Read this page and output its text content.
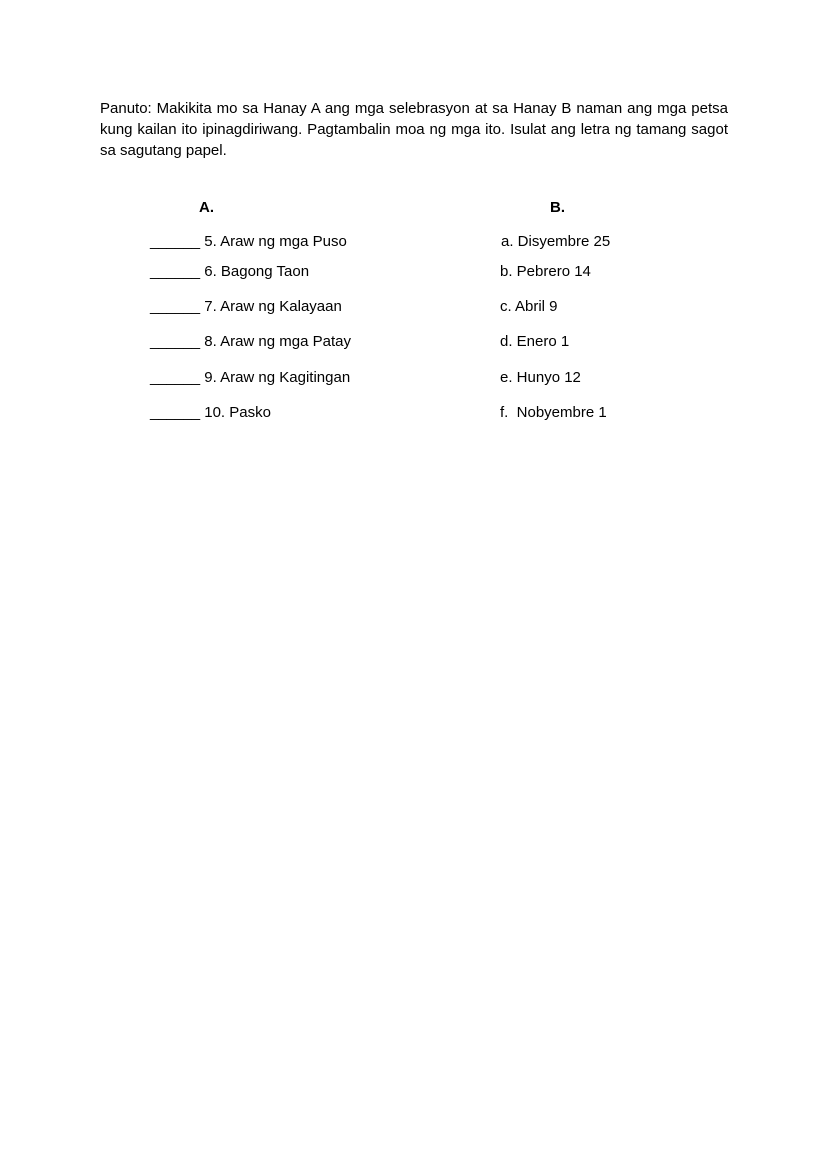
Panuto: Makikita mo sa Hanay A ang mga selebrasyon at sa Hanay B naman ang mga petsa kung kailan ito ipinagdiriwang. Pagtambalin moa ng mga ito. Isulat ang letra ng tamang sagot sa sagutang papel.

A.	B.
______ 5. Araw ng mga Puso
______ 6. Bagong Taon
______ 7. Araw ng Kalayaan
______ 8. Araw ng mga Patay
______ 9. Araw ng Kagitingan
______ 10. Pasko
a. Disyembre 25
b. Pebrero 14
c. Abril 9
d. Enero 1
e. Hunyo 12
f.  Nobyembre 1
